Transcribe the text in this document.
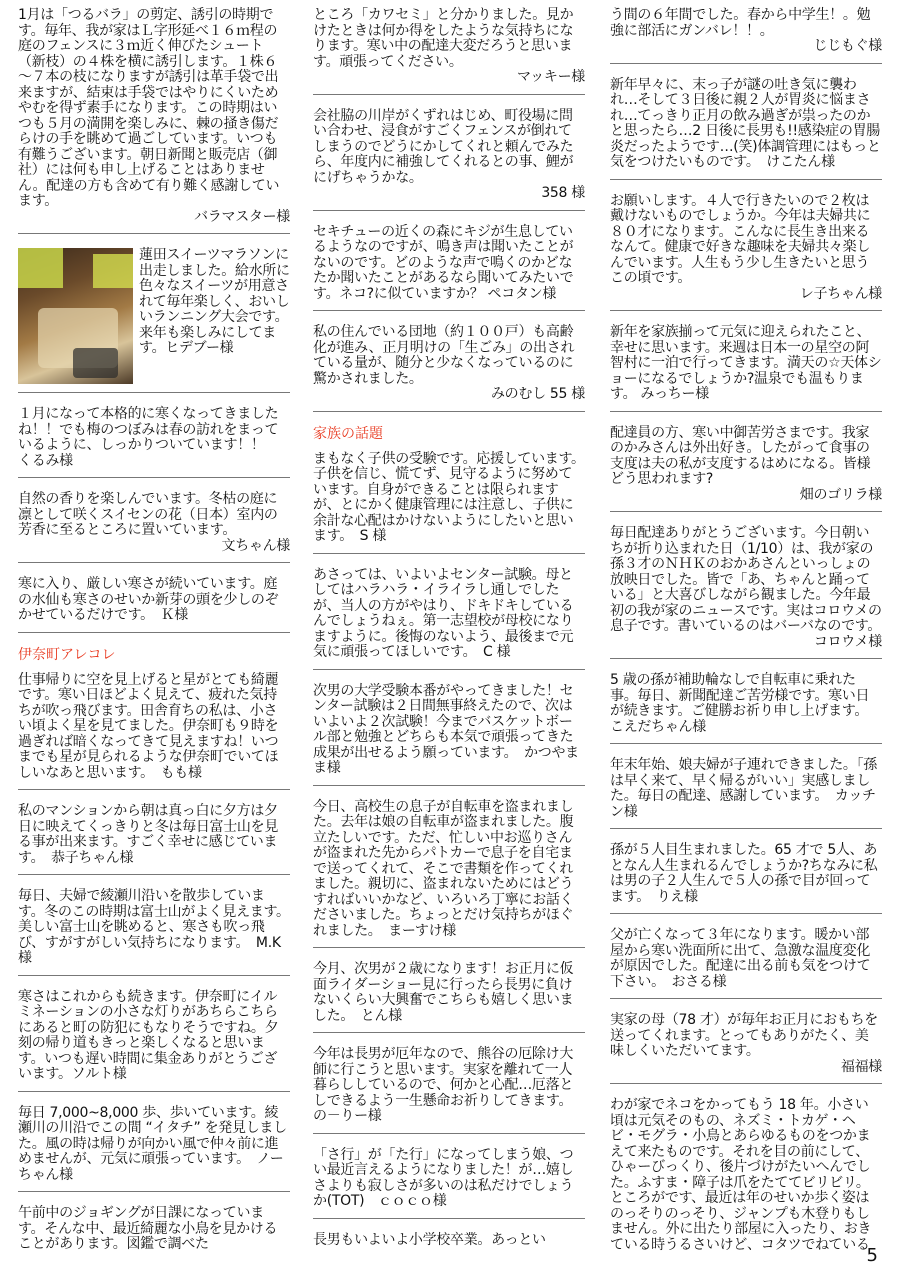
1月は「つるバラ」の剪定、誘引の時期です。毎年、我が家はＬ字形延べ１６ｍ程の庭のフェンスに３ｍ近く伸びたシュート（新枝）の４株を横に誘引します。１株６～７本の枝になりますが誘引は革手袋で出来ますが、結束は手袋ではやりにくいためやむを得ず素手になります。この時期はいつも５月の満開を楽しみに、棘の掻き傷だらけの手を眺めて過ごしています。いつも有難うございます。朝日新聞と販売店（御社）には何も申し上げることはありません。配達の方も含めて有り難く感謝しています。
バラマスター様
蓮田スイーツマラソンに出走しました。給水所に色々なスイーツが用意されて毎年楽しく、おいしいランニング大会です。来年も楽しみにしてます。ヒデブー様
１月になって本格的に寒くなってきましたね！！でも梅のつぼみは春の訪れをまっているように、しっかりついています！！　くるみ様
自然の香りを楽しんでいます。冬枯の庭に凛として咲くスイセンの花（日本）室内の芳香に至るところに置いています。
文ちゃん様
寒に入り、厳しい寒さが続いています。庭の水仙も寒さのせいか新芽の頭を少しのぞかせているだけです。　Ｋ様
伊奈町アレコレ
仕事帰りに空を見上げると星がとても綺麗です。寒い日ほどよく見えて、疲れた気持ちが吹っ飛びます。田舎育ちの私は、小さい頃よく星を見てました。伊奈町も９時を過ぎれば暗くなってきて見えますね！いつまでも星が見られるような伊奈町でいてほしいなあと思います。　もも様
私のマンションから朝は真っ白に夕方は夕日に映えてくっきりと冬は毎日富士山を見る事が出来ます。すごく幸せに感じています。　恭子ちゃん様
毎日、夫婦で綾瀬川沿いを散歩しています。冬のこの時期は富士山がよく見えます。美しい富士山を眺めると、寒さも吹っ飛び、すがすがしい気持ちになります。　M.K 様
寒さはこれからも続きます。伊奈町にイルミネーションの小さな灯りがあちらこちらにあると町の防犯にもなりそうですね。夕刻の帰り道もきっと楽しくなると思います。いつも遅い時間に集金ありがとうございます。ソルト様
毎日 7,000~8,000 歩、歩いています。綾瀬川の川沿でこの間 “イタチ” を発見しました。風の時は帰りが向かい風で仲々前に進めませんが、元気に頑張っています。　ノーちゃん様
午前中のジョギングが日課になっています。そんな中、最近綺麗な小鳥を見かけることがあります。図鑑で調べた
ところ「カワセミ」と分かりました。見かけたときは何か得をしたような気持ちになります。寒い中の配達大変だろうと思います。頑張ってください。
マッキー様
会社脇の川岸がくずれはじめ、町役場に問い合わせ、浸食がすごくフェンスが倒れてしまうのでどうにかしてくれと頼んでみたら、年度内に補強してくれるとの事、鯉がにげちゃうかな。
358 様
セキチューの近くの森にキジが生息しているようなのですが、鳴き声は聞いたことがないのです。どのような声で鳴くのかどなたか聞いたことがあるなら聞いてみたいです。ネコ?に似ていますか？ ペコタン様
私の住んでいる団地（約１００戸）も高齢化が進み、正月明けの「生ごみ」の出されている量が、随分と少なくなっているのに驚かされました。
みのむし 55 様
家族の話題
まもなく子供の受験です。応援しています。子供を信じ、慌てず、見守るように努めています。自身ができることは限られますが、とにかく健康管理には注意し、子供に余計な心配はかけないようにしたいと思います。　S 様
あさっては、いよいよセンター試験。母としてはハラハラ・イライラし通しでしたが、当人の方がやはり、ドキドキしているんでしょうねぇ。第一志望校が母校になりますように。後悔のないよう、最後まで元気に頑張ってほしいです。　C 様
次男の大学受験本番がやってきました！センター試験は２日間無事終えたので、次はいよいよ２次試験！今までバスケットボール部と勉強とどちらも本気で頑張ってきた成果が出せるよう願っています。　かつやまま様
今日、高校生の息子が自転車を盗まれました。去年は娘の自転車が盗まれました。腹立たしいです。ただ、忙しい中お巡りさんが盗まれた先からパトカーで息子を自宅まで送ってくれて、そこで書類を作ってくれました。親切に、盗まれないためにはどうすればいいかなど、いろいろ丁寧にお話くださいました。ちょっとだけ気持ちがほぐれました。　まーすけ様
今月、次男が２歳になります！お正月に仮面ライダーショー見に行ったら長男に負けないくらい大興奮でこちらも嬉しく思いました。　とん様
今年は長男が厄年なので、熊谷の厄除け大師に行こうと思います。実家を離れて一人暮らししているので、何かと心配…厄落としできるよう一生懸命お祈りしてきます。　の－りー様
「さ行」が「た行」になってしまう娘、つい最近言えるようになりました！が…嬉しさよりも寂しさが多いのは私だけでしょうか(TOT)　ｃｏｃｏ様
長男もいよいよ小学校卒業。あっとい
う間の６年間でした。春から中学生！。勉強に部活にガンバレ！！。
じじもぐ様
新年早々に、末っ子が謎の吐き気に襲われ…そして３日後に親２人が胃炎に悩まされ…てっきり正月の飲み過ぎが祟ったのかと思ったら…2 日後に長男も!!感染症の胃腸炎だったようです…(笑)体調管理にはもっと気をつけたいものです。　けこたん様
お願いします。４人で行きたいので２枚は戴けないものでしょうか。今年は夫婦共に８０才になります。こんなに長生き出来るなんて。健康で好きな趣味を夫婦共々楽しんでいます。人生もう少し生きたいと思うこの頃です。
レ子ちゃん様
新年を家族揃って元気に迎えられたこと、幸せに思います。来週は日本一の星空の阿智村に一泊で行ってきます。満天の☆天体ショーになるでしょうか?温泉でも温もります。 みっちー様
配達員の方、寒い中御苦労さまです。我家のかみさんは外出好き。したがって食事の支度は夫の私が支度するはめになる。皆様どう思われます?
畑のゴリラ様
毎日配達ありがとうございます。今日朝いちが折り込まれた日（1/10）は、我が家の孫３才のＮＨＫのおかあさんといっしょの放映日でした。皆で「あ、ちゃんと踊っている」と大喜びしながら観ました。今年最初の我が家のニュースです。実はコロウメの息子です。書いているのはバーバなのです。
コロウメ様
5 歳の孫が補助輪なしで自転車に乗れた事。毎日、新聞配達ご苦労様です。寒い日が続きます。ご健勝お祈り申し上げます。　こえだちゃん様
年末年始、娘夫婦が子連れできました。「孫は早く来て、早く帰るがいい」実感しました。毎日の配達、感謝しています。　カッチン様
孫が５人目生まれました。65 才で 5人、あとなん人生まれるんでしょうか?ちなみに私は男の子２人生んで５人の孫で目が回ってます。　りえ様
父が亡くなって３年になります。暖かい部屋から寒い洗面所に出て、急激な温度変化が原因でした。配達に出る前も気をつけて下さい。　おさる様
実家の母（78 才）が毎年お正月におもちを送ってくれます。とってもありがたく、美味しくいただいてます。
福福様
わが家でネコをかってもう 18 年。小さい頃は元気そのもの、ネズミ・トカゲ・ヘビ・モグラ・小鳥とあらゆるものをつかまえて来たものです。それを目の前にして、ひゃーびっくり、後片づけがたいへんでした。ふすま・障子は爪をたててビリビリ。ところがです、最近は年のせいか歩く姿はのっそりのっそり、ジャンプも木登りもしません。外に出たり部屋に入ったり、おきている時うるさいけど、コタツでねている
5
